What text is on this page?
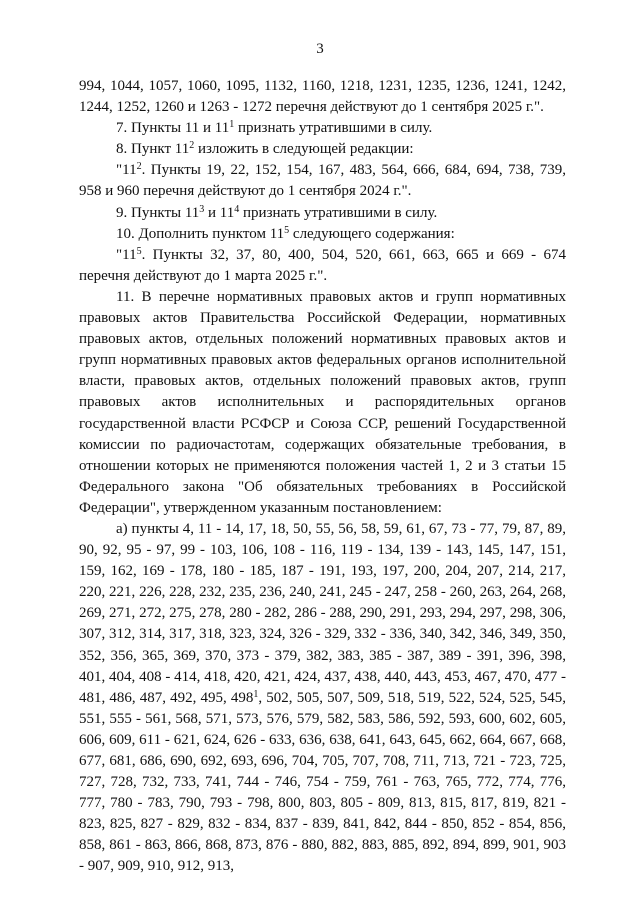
3

994, 1044, 1057, 1060, 1095, 1132, 1160, 1218, 1231, 1235, 1236, 1241, 1242, 1244, 1252, 1260 и 1263 - 1272 перечня действуют до 1 сентября 2025 г.".

7. Пункты 11 и $11^1$ признать утратившими в силу.

8. Пункт $11^2$ изложить в следующей редакции:

"$11^2$. Пункты 19, 22, 152, 154, 167, 483, 564, 666, 684, 694, 738, 739, 958 и 960 перечня действуют до 1 сентября 2024 г.".

9. Пункты $11^3$ и $11^4$ признать утратившими в силу.

10. Дополнить пунктом $11^5$ следующего содержания:

"$11^5$. Пункты 32, 37, 80, 400, 504, 520, 661, 663, 665 и 669 - 674 перечня действуют до 1 марта 2025 г.".

11. В перечне нормативных правовых актов и групп нормативных правовых актов Правительства Российской Федерации, нормативных правовых актов, отдельных положений нормативных правовых актов и групп нормативных правовых актов федеральных органов исполнительной власти, правовых актов, отдельных положений правовых актов, групп правовых актов исполнительных и распорядительных органов государственной власти РСФСР и Союза ССР, решений Государственной комиссии по радиочастотам, содержащих обязательные требования, в отношении которых не применяются положения частей 1, 2 и 3 статьи 15 Федерального закона "Об обязательных требованиях в Российской Федерации", утвержденном указанным постановлением:

а) пункты 4, 11 - 14, 17, 18, 50, 55, 56, 58, 59, 61, 67, 73 - 77, 79, 87, 89, 90, 92, 95 - 97, 99 - 103, 106, 108 - 116, 119 - 134, 139 - 143, 145, 147, 151, 159, 162, 169 - 178, 180 - 185, 187 - 191, 193, 197, 200, 204, 207, 214, 217, 220, 221, 226, 228, 232, 235, 236, 240, 241, 245 - 247, 258 - 260, 263, 264, 268, 269, 271, 272, 275, 278, 280 - 282, 286 - 288, 290, 291, 293, 294, 297, 298, 306, 307, 312, 314, 317, 318, 323, 324, 326 - 329, 332 - 336, 340, 342, 346, 349, 350, 352, 356, 365, 369, 370, 373 - 379, 382, 383, 385 - 387, 389 - 391, 396, 398, 401, 404, 408 - 414, 418, 420, 421, 424, 437, 438, 440, 443, 453, 467, 470, 477 - 481, 486, 487, 492, 495, $498^1$, 502, 505, 507, 509, 518, 519, 522, 524, 525, 545, 551, 555 - 561, 568, 571, 573, 576, 579, 582, 583, 586, 592, 593, 600, 602, 605, 606, 609, 611 - 621, 624, 626 - 633, 636, 638, 641, 643, 645, 662, 664, 667, 668, 677, 681, 686, 690, 692, 693, 696, 704, 705, 707, 708, 711, 713, 721 - 723, 725, 727, 728, 732, 733, 741, 744 - 746, 754 - 759, 761 - 763, 765, 772, 774, 776, 777, 780 - 783, 790, 793 - 798, 800, 803, 805 - 809, 813, 815, 817, 819, 821 - 823, 825, 827 - 829, 832 - 834, 837 - 839, 841, 842, 844 - 850, 852 - 854, 856, 858, 861 - 863, 866, 868, 873, 876 - 880, 882, 883, 885, 892, 894, 899, 901, 903 - 907, 909, 910, 912, 913,
